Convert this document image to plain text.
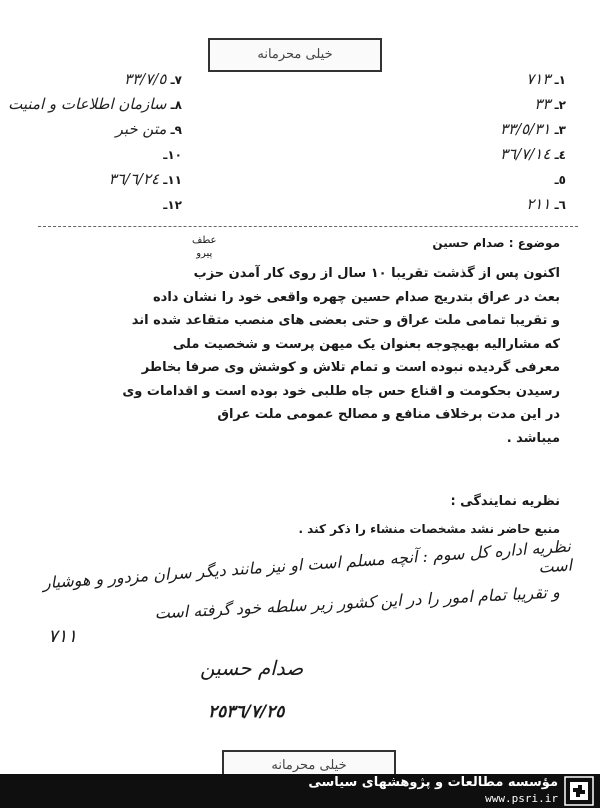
خیلی محرمانه
١ـ ٧١٣
٢ـ ٣٣
٣ـ ٣٣/٥/٣١
٤ـ ٣٦/٧/١٤
٥ـ
٦ـ ٢١١
٧ـ ٣٣/٧/٥
٨ـ سازمان اطلاعات و امنیت
٩ـ متن خبر
١٠ـ
١١ـ ٣٦/٦/٢٤
١٢ـ
عطف
پیرو
موضوع : صدام حسین
اکنون پس از گذشت تقریبا ١٠ سال از روی کار آمدن حزب
بعث در عراق بتدریج صدام حسین چهره واقعی خود را نشان داده
و تقریبا تمامی ملت عراق و حتی بعضی های منصب متقاعد شده اند
که مشارالیه بهیچوجه بعنوان یک میهن پرست و شخصیت ملی
معرفی گردیده نبوده است و تمام تلاش و کوشش وی صرفا بخاطر
رسیدن بحکومت و اقناع حس جاه طلبی خود بوده است و اقدامات وی
در این مدت برخلاف منافع و مصالح عمومی ملت عراق
میباشد .
نظریه نمایندگی :
منبع حاضر نشد مشخصات منشاء را ذکر کند .
نظریه اداره کل سوم : آنچه مسلم است او نیز مانند دیگر سران مزدور و هوشیار است
و تقریبا تمام امور را در این کشور زیر سلطه خود گرفته است
٧١١
صدام حسین
٢٥٣٦/٧/٢٥
خیلی محرمانه
مؤسسه مطالعات و پژوهشهای سیاسی
www.psri.ir
